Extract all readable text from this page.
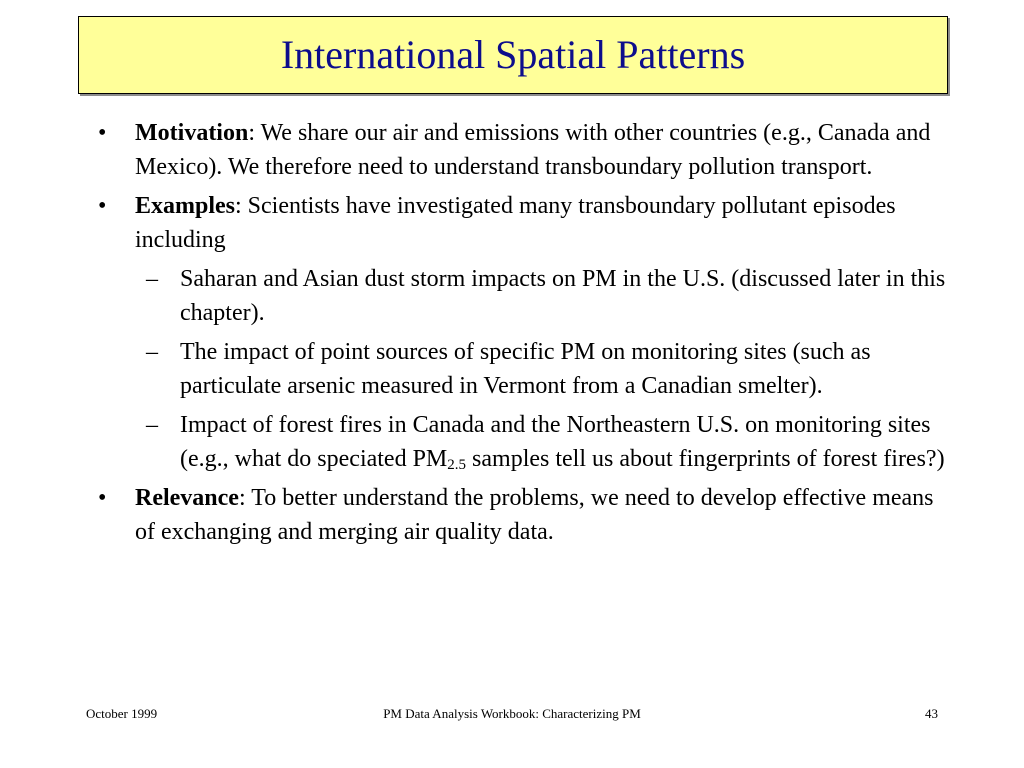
International Spatial Patterns
• Motivation: We share our air and emissions with other countries (e.g., Canada and Mexico). We therefore need to understand transboundary pollution transport.
• Examples: Scientists have investigated many transboundary pollutant episodes including
– Saharan and Asian dust storm impacts on PM in the U.S. (discussed later in this chapter).
– The impact of point sources of specific PM on monitoring sites (such as particulate arsenic measured in Vermont from a Canadian smelter).
– Impact of forest fires in Canada and the Northeastern U.S. on monitoring sites (e.g., what do speciated $PM_{2.5}$ samples tell us about fingerprints of forest fires?)
• Relevance: To better understand the problems, we need to develop effective means of exchanging and merging air quality data.
October 1999	PM Data Analysis Workbook: Characterizing PM	43
